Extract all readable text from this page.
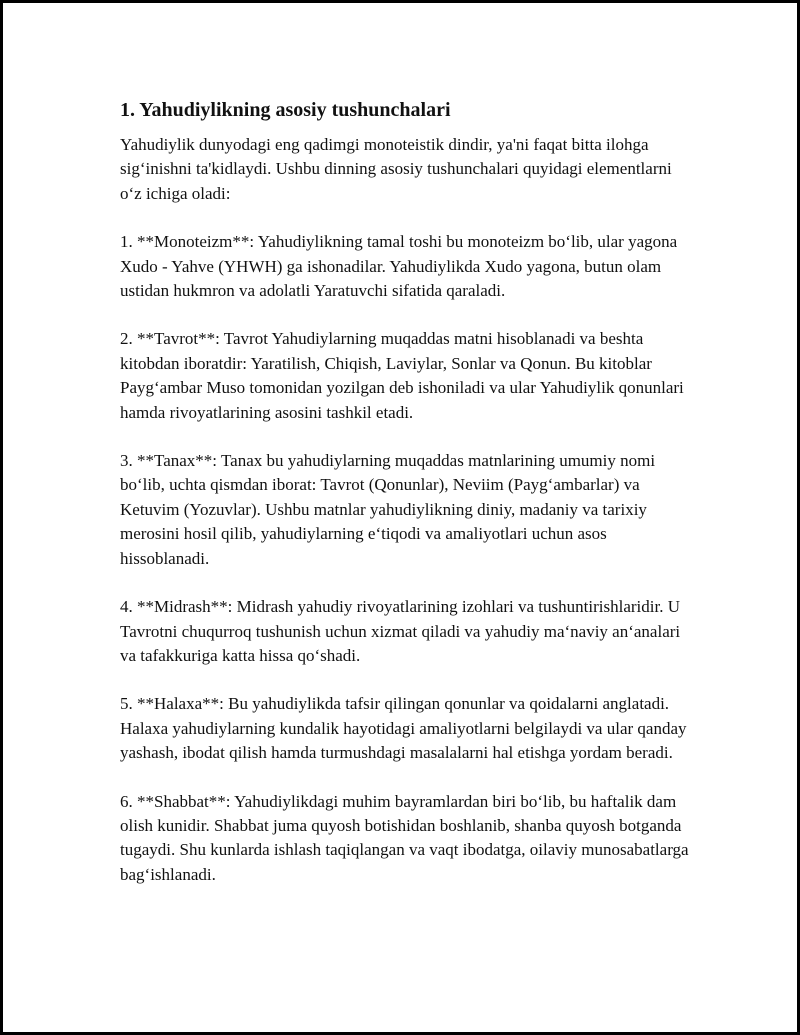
1. Yahudiylikning asosiy tushunchalari

Yahudiylik dunyodagi eng qadimgi monoteistik dindir, ya'ni faqat bitta ilohga sig‘inishni ta'kidlaydi. Ushbu dinning asosiy tushunchalari quyidagi elementlarni o‘z ichiga oladi:

1. **Monoteizm**: Yahudiylikning tamal toshi bu monoteizm bo‘lib, ular yagona Xudo - Yahve (YHWH) ga ishonadilar. Yahudiylikda Xudo yagona, butun olam ustidan hukmron va adolatli Yaratuvchi sifatida qaraladi.

2. **Tavrot**: Tavrot Yahudiylarning muqaddas matni hisoblanadi va beshta kitobdan iboratdir: Yaratilish, Chiqish, Laviylar, Sonlar va Qonun. Bu kitoblar Payg‘ambar Muso tomonidan yozilgan deb ishoniladi va ular Yahudiylik qonunlari hamda rivoyatlarining asosini tashkil etadi.

3. **Tanax**: Tanax bu yahudiylarning muqaddas matnlarining umumiy nomi bo‘lib, uchta qismdan iborat: Tavrot (Qonunlar), Neviim (Payg‘ambarlar) va Ketuvim (Yozuvlar). Ushbu matnlar yahudiylikning diniy, madaniy va tarixiy merosini hosil qilib, yahudiylarning e‘tiqodi va amaliyotlari uchun asos hissoblanadi.

4. **Midrash**: Midrash yahudiy rivoyatlarining izohlari va tushuntirishlaridir. U Tavrotni chuqurroq tushunish uchun xizmat qiladi va yahudiy ma‘naviy an‘analari va tafakkuriga katta hissa qo‘shadi.

5. **Halaxa**: Bu yahudiylikda tafsir qilingan qonunlar va qoidalarni anglatadi. Halaxa yahudiylarning kundalik hayotidagi amaliyotlarni belgilaydi va ular qanday yashash, ibodat qilish hamda turmushdagi masalalarni hal etishga yordam beradi.

6. **Shabbat**: Yahudiylikdagi muhim bayramlardan biri bo‘lib, bu haftalik dam olish kunidir. Shabbat juma quyosh botishidan boshlanib, shanba quyosh botganda tugaydi. Shu kunlarda ishlash taqiqlangan va vaqt ibodatga, oilaviy munosabatlarga bag‘ishlanadi.
